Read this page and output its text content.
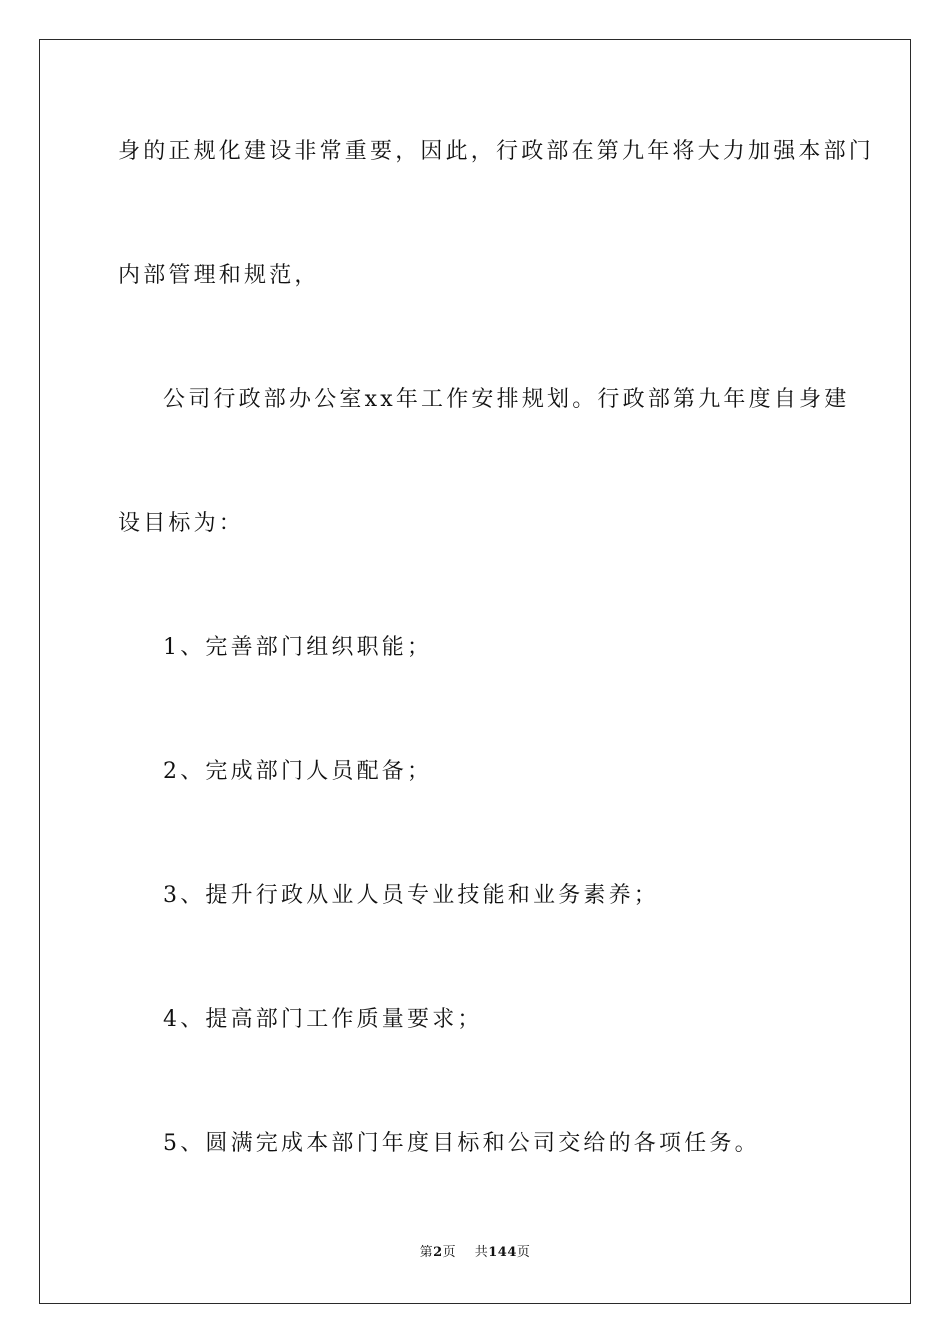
身的正规化建设非常重要，因此，行政部在第九年将大力加强本部门
内部管理和规范，
公司行政部办公室xx年工作安排规划。行政部第九年度自身建
设目标为：
1、完善部门组织职能；
2、完成部门人员配备；
3、提升行政从业人员专业技能和业务素养；
4、提高部门工作质量要求；
5、圆满完成本部门年度目标和公司交给的各项任务。
第2页 共144页
